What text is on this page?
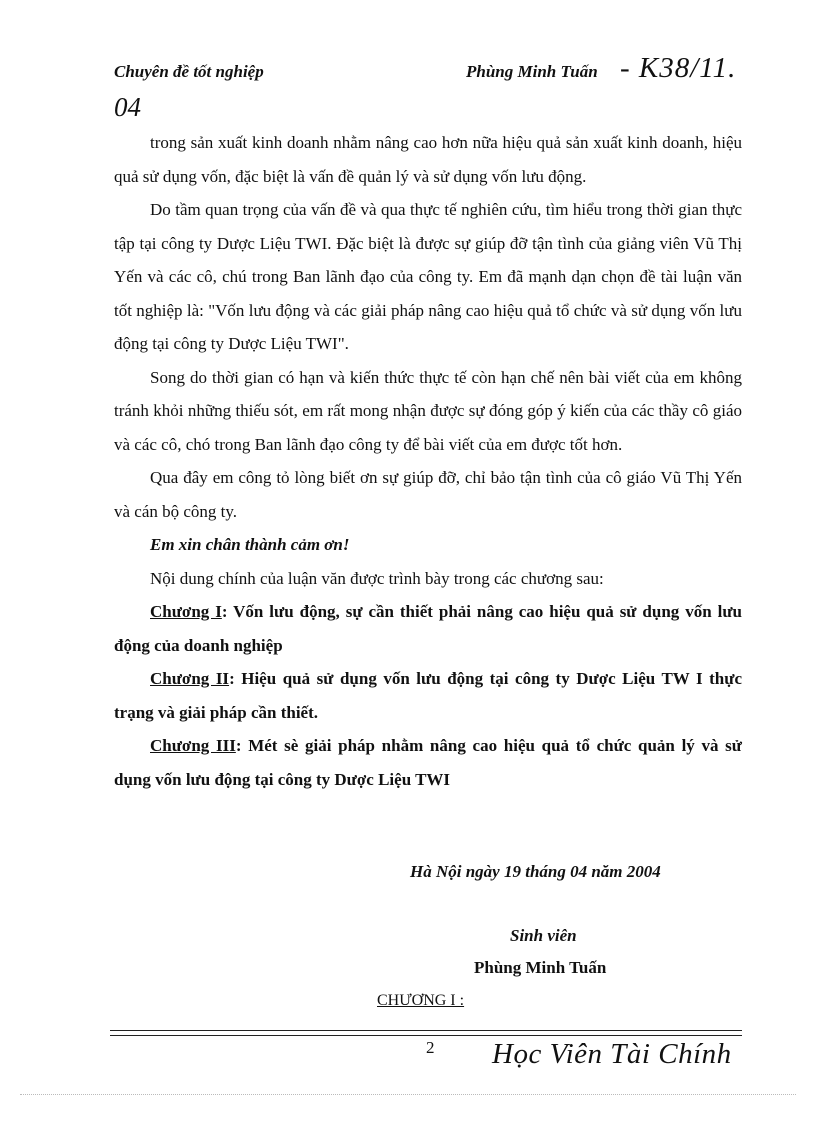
Chuyên đề tốt nghiệp	Phùng Minh Tuấn - K38/11.
04

trong sản xuất kinh doanh nhằm nâng cao hơn nữa hiệu quả sản xuất kinh doanh, hiệu quả sử dụng vốn, đặc biệt là vấn đề quản lý và sử dụng vốn lưu động.

Do tầm quan trọng của vấn đề và qua thực tế nghiên cứu, tìm hiểu trong thời gian thực tập tại công ty Dược Liệu TWI. Đặc biệt là được sự giúp đỡ tận tình của giảng viên Vũ Thị Yến và các cô, chú trong Ban lãnh đạo của công ty. Em đã mạnh dạn chọn đề tài luận văn tốt nghiệp là: "Vốn lưu động và các giải pháp nâng cao hiệu quả tổ chức và sử dụng vốn lưu động tại công ty Dược Liệu TWI".

Song do thời gian có hạn và kiến thức thực tế còn hạn chế nên bài viết của em không tránh khỏi những thiếu sót, em rất mong nhận được sự đóng góp ý kiến của các thầy cô giáo và các cô, chó trong Ban lãnh đạo công ty để bài viết của em được tốt hơn.

Qua đây em công tỏ lòng biết ơn sự giúp đỡ, chỉ bảo tận tình của cô giáo Vũ Thị Yến và cán bộ công ty.

Em xin chân thành cảm ơn!

Nội dung chính của luận văn được trình bày trong các chương sau:

Chương I: Vốn lưu động, sự cần thiết phải nâng cao hiệu quả sử dụng vốn lưu động của doanh nghiệp

Chương II: Hiệu quả sử dụng vốn lưu động tại công ty Dược Liệu TW I thực trạng và giải pháp cần thiết.

Chương III: Mét sè giải pháp nhằm nâng cao hiệu quả tổ chức quản lý và sử dụng vốn lưu động tại công ty Dược Liệu TWI

Hà Nội ngày 19 tháng 04 năm 2004
Sinh viên
Phùng Minh Tuấn
CHƯƠNG I :
2 Học Viên Tài Chính
